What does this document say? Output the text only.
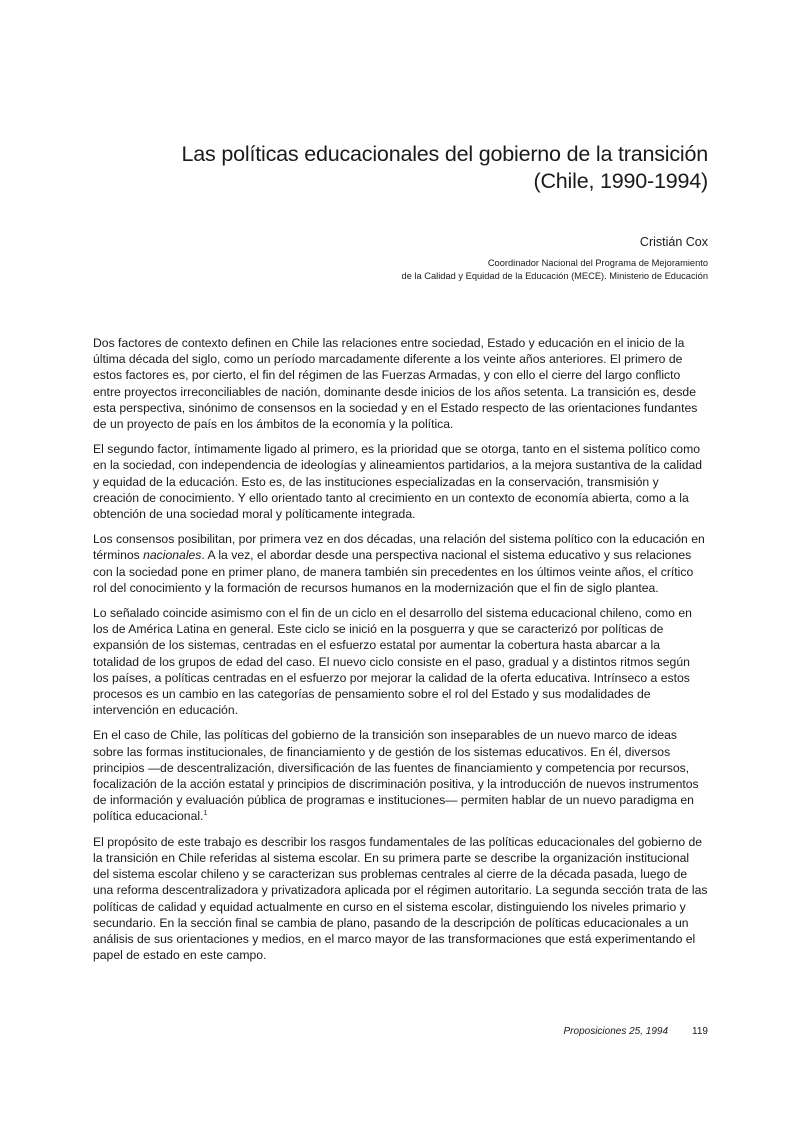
Las políticas educacionales del gobierno de la transición
(Chile, 1990-1994)
Cristián Cox
Coordinador Nacional del Programa de Mejoramiento
de la Calidad y Equidad de la Educación (MECE). Ministerio de Educación

Dos factores de contexto definen en Chile las relaciones entre sociedad, Estado y educación en el inicio de la última década del siglo, como un período marcadamente diferente a los veinte años anteriores. El primero de estos factores es, por cierto, el fin del régimen de las Fuerzas Armadas, y con ello el cierre del largo conflicto entre proyectos irreconciliables de nación, dominante desde inicios de los años setenta. La transición es, desde esta perspectiva, sinónimo de consensos en la sociedad y en el Estado respecto de las orientaciones fundantes de un proyecto de país en los ámbitos de la economía y la política.

El segundo factor, íntimamente ligado al primero, es la prioridad que se otorga, tanto en el sistema político como en la sociedad, con independencia de ideologías y alineamientos partidarios, a la mejora sustantiva de la calidad y equidad de la educación. Esto es, de las instituciones especializadas en la conservación, transmisión y creación de conocimiento. Y ello orientado tanto al crecimiento en un contexto de economía abierta, como a la obtención de una sociedad moral y políticamente integrada.

Los consensos posibilitan, por primera vez en dos décadas, una relación del sistema político con la educación en términos nacionales. A la vez, el abordar desde una perspectiva nacional el sistema educativo y sus relaciones con la sociedad pone en primer plano, de manera también sin precedentes en los últimos veinte años, el crítico rol del conocimiento y la formación de recursos humanos en la modernización que el fin de siglo plantea.

Lo señalado coincide asimismo con el fin de un ciclo en el desarrollo del sistema educacional chileno, como en los de América Latina en general. Este ciclo se inició en la posguerra y que se caracterizó por políticas de expansión de los sistemas, centradas en el esfuerzo estatal por aumentar la cobertura hasta abarcar a la totalidad de los grupos de edad del caso. El nuevo ciclo consiste en el paso, gradual y a distintos ritmos según los países, a políticas centradas en el esfuerzo por mejorar la calidad de la oferta educativa. Intrínseco a estos procesos es un cambio en las categorías de pensamiento sobre el rol del Estado y sus modalidades de intervención en educación.

En el caso de Chile, las políticas del gobierno de la transición son inseparables de un nuevo marco de ideas sobre las formas institucionales, de financiamiento y de gestión de los sistemas educativos. En él, diversos principios —de descentralización, diversificación de las fuentes de financiamiento y competencia por recursos, focalización de la acción estatal y principios de discriminación positiva, y la introducción de nuevos instrumentos de información y evaluación pública de programas e instituciones— permiten hablar de un nuevo paradigma en política educacional.$^1$

El propósito de este trabajo es describir los rasgos fundamentales de las políticas educacionales del gobierno de la transición en Chile referidas al sistema escolar. En su primera parte se describe la organización institucional del sistema escolar chileno y se caracterizan sus problemas centrales al cierre de la década pasada, luego de una reforma descentralizadora y privatizadora aplicada por el régimen autoritario. La segunda sección trata de las políticas de calidad y equidad actualmente en curso en el sistema escolar, distinguiendo los niveles primario y secundario. En la sección final se cambia de plano, pasando de la descripción de políticas educacionales a un análisis de sus orientaciones y medios, en el marco mayor de las transformaciones que está experimentando el papel de estado en este campo.

Proposiciones 25, 1994 119
